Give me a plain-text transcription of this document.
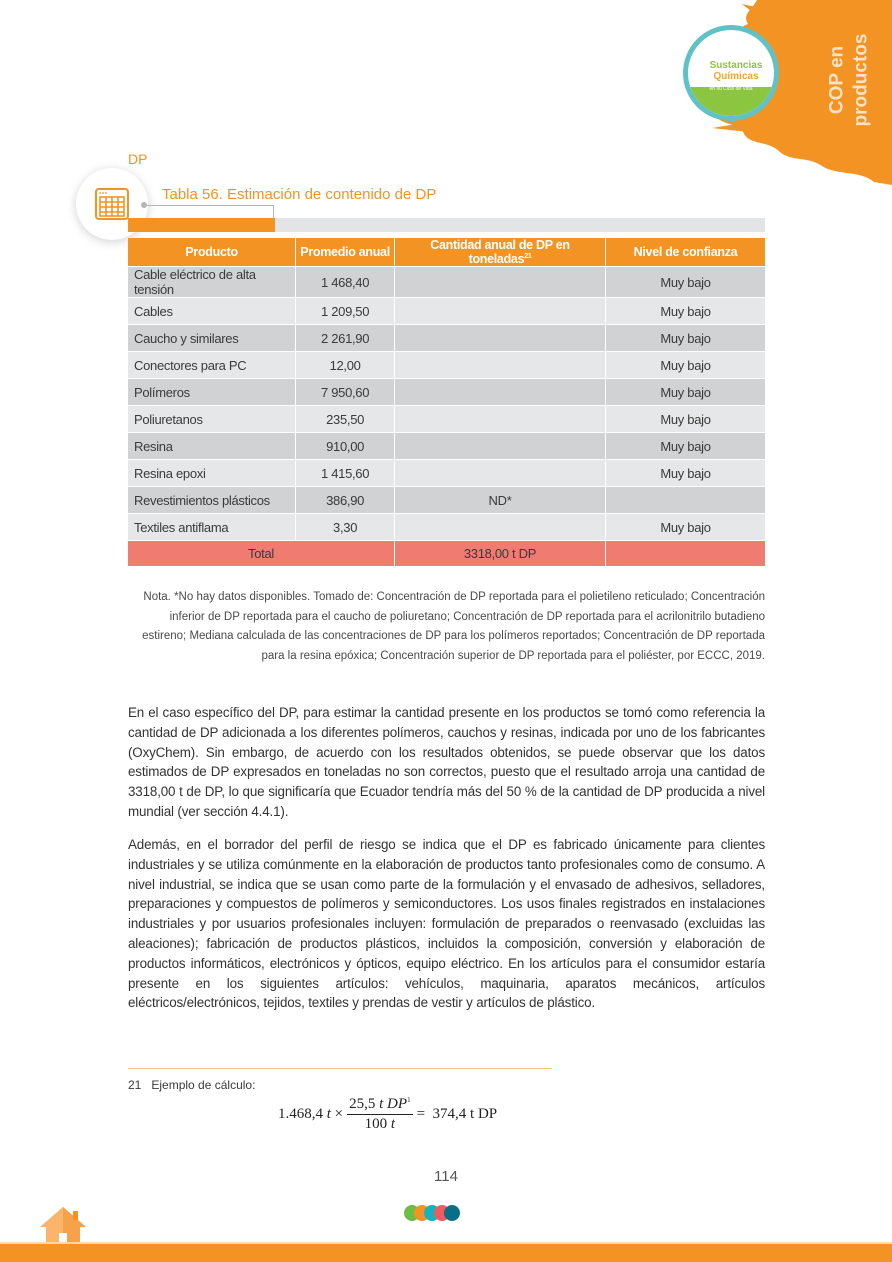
COP en productos
Sustancias
Químicas
en su Ciclo de Vida
DP
Tabla 56. Estimación de contenido de DP
Producto	Promedio anual	Cantidad anual de DP en toneladas$^{21}$	Nivel de confianza
Cable eléctrico de alta tensión	1 468,40		Muy bajo
Cables	1 209,50		Muy bajo
Caucho y similares	2 261,90		Muy bajo
Conectores para PC	12,00		Muy bajo
Polímeros	7 950,60		Muy bajo
Poliuretanos	235,50		Muy bajo
Resina	910,00		Muy bajo
Resina epoxi	1 415,60		Muy bajo
Revestimientos plásticos	386,90	ND*	
Textiles antiflama	3,30		Muy bajo
Total		3318,00 t DP	
Nota. *No hay datos disponibles. Tomado de: Concentración de DP reportada para el polietileno reticulado; Concentración inferior de DP reportada para el caucho de poliuretano; Concentración de DP reportada para el acrilonitrilo butadieno estireno; Mediana calculada de las concentraciones de DP para los polímeros reportados; Concentración de DP reportada para la resina epóxica; Concentración superior de DP reportada para el poliéster, por ECCC, 2019.
En el caso específico del DP, para estimar la cantidad presente en los productos se tomó como referencia la cantidad de DP adicionada a los diferentes polímeros, cauchos y resinas, indicada por uno de los fabricantes (OxyChem). Sin embargo, de acuerdo con los resultados obtenidos, se puede observar que los datos estimados de DP expresados en toneladas no son correctos, puesto que el resultado arroja una cantidad de 3318,00 t de DP, lo que significaría que Ecuador tendría más del 50 % de la cantidad de DP producida a nivel mundial (ver sección 4.4.1).
Además, en el borrador del perfil de riesgo se indica que el DP es fabricado únicamente para clientes industriales y se utiliza comúnmente en la elaboración de productos tanto profesionales como de consumo. A nivel industrial, se indica que se usan como parte de la formulación y el envasado de adhesivos, selladores, preparaciones y compuestos de polímeros y semiconductores. Los usos finales registrados en instalaciones industriales y por usuarios profesionales incluyen: formulación de preparados o reenvasado (excluidas las aleaciones); fabricación de productos plásticos, incluidos la composición, conversión y elaboración de productos informáticos, electrónicos y ópticos, equipo eléctrico. En los artículos para el consumidor estaría presente en los siguientes artículos: vehículos, maquinaria, aparatos mecánicos, artículos eléctricos/electrónicos, tejidos, textiles y prendas de vestir y artículos de plástico.
21 Ejemplo de cálculo:
1.468,4
t
× $\frac{25,5 t DP^1}{100 t}$ =
374,4 t DP
114
